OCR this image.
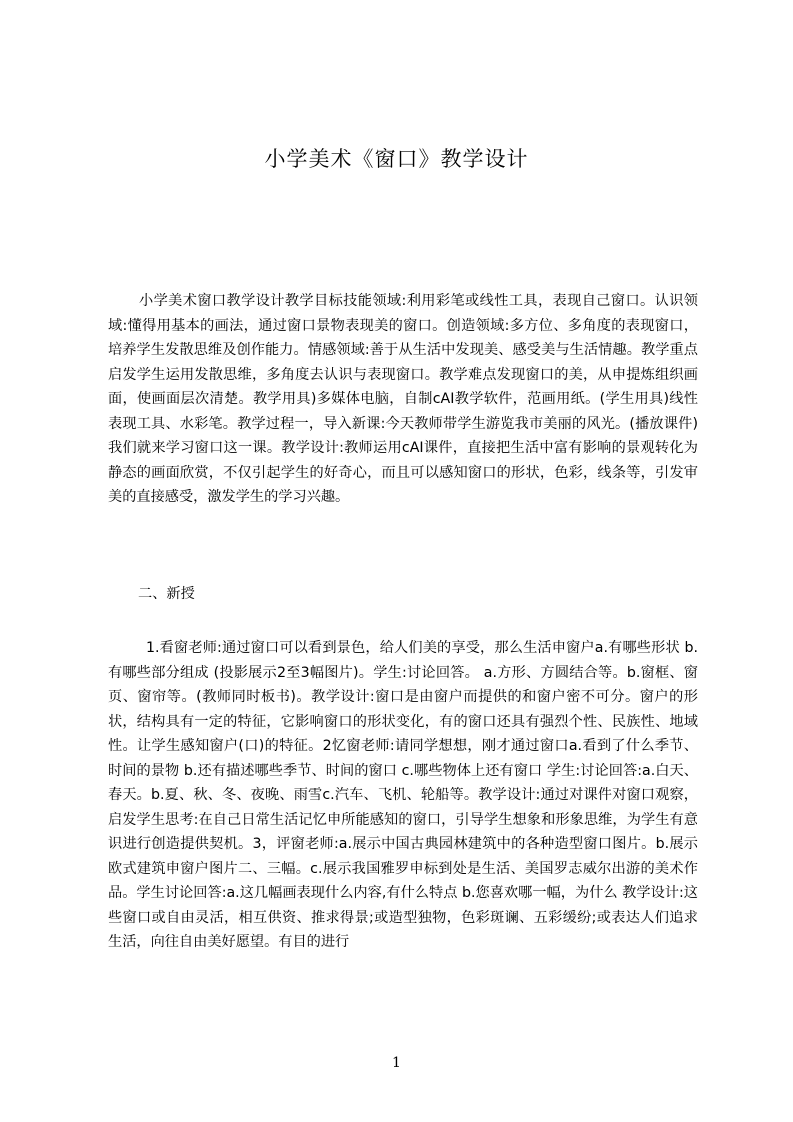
小学美术《窗口》教学设计
小学美术窗口教学设计教学目标技能领域:利用彩笔或线性工具，表现自己窗口。认识领域:懂得用基本的画法，通过窗口景物表现美的窗口。创造领域:多方位、多角度的表现窗口，培养学生发散思维及创作能力。情感领域:善于从生活中发现美、感受美与生活情趣。教学重点启发学生运用发散思维，多角度去认识与表现窗口。教学难点发现窗口的美，从申提炼组织画面，使画面层次清楚。教学用具)多媒体电脑，自制cAI教学软件，范画用纸。(学生用具)线性表现工具、水彩笔。教学过程一，导入新课:今天教师带学生游览我市美丽的风光。(播放课件)我们就来学习窗口这一课。教学设计:教师运用cAI课件，直接把生活中富有影响的景观转化为静态的画面欣赏，不仅引起学生的好奇心，而且可以感知窗口的形状，色彩，线条等，引发审美的直接感受，激发学生的学习兴趣。
二、新授
1.看窗老师:通过窗口可以看到景色，给人们美的享受，那么生活申窗户a.有哪些形状 b.有哪些部分组成 (投影展示2至3幅图片)。学生:讨论回答。 a.方形、方圆结合等。b.窗框、窗页、窗帘等。(教师同时板书)。教学设计:窗口是由窗户而提供的和窗户密不可分。窗户的形状，结构具有一定的特征，它影响窗口的形状变化，有的窗口还具有强烈个性、民族性、地域性。让学生感知窗户(口)的特征。2忆窗老师:请同学想想，刚才通过窗口a.看到了什么季节、时间的景物 b.还有描述哪些季节、时间的窗口 c.哪些物体上还有窗口 学生:讨论回答:a.白天、春天。b.夏、秋、冬、夜晚、雨雪c.汽车、飞机、轮船等。教学设计:通过对课件对窗口观察，启发学生思考:在自己日常生活记忆申所能感知的窗口，引导学生想象和形象思维，为学生有意识进行创造提供契机。3，评窗老师:a.展示中国古典园林建筑中的各种造型窗口图片。b.展示欧式建筑申窗户图片二、三幅。c.展示我国雅罗申标到处是生活、美国罗志威尔出游的美术作品。学生讨论回答:a.这几幅画表现什么内容,有什么特点 b.您喜欢哪一幅，为什么 教学设计:这些窗口或自由灵活，相互供资、推求得景;或造型独物，色彩斑谰、五彩缓纷;或表达人们追求生活，向往自由美好愿望。有目的进行
1
